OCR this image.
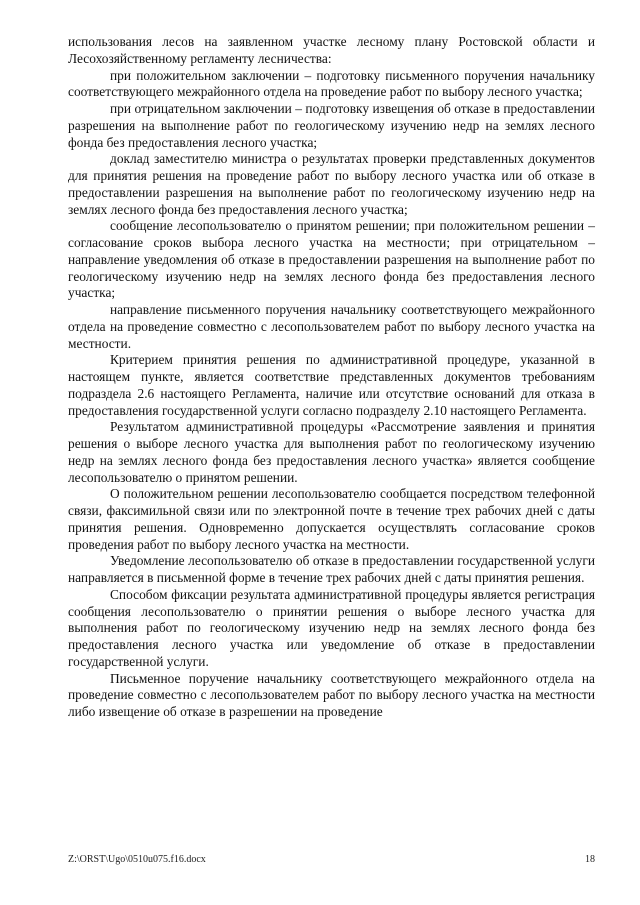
использования лесов на заявленном участке лесному плану Ростовской области и Лесохозяйственному регламенту лесничества:

при положительном заключении – подготовку письменного поручения начальнику соответствующего межрайонного отдела на проведение работ по выбору лесного участка;

при отрицательном заключении – подготовку извещения об отказе в предоставлении разрешения на выполнение работ по геологическому изучению недр на землях лесного фонда без предоставления лесного участка;

доклад заместителю министра о результатах проверки представленных документов для принятия решения на проведение работ по выбору лесного участка или об отказе в предоставлении разрешения на выполнение работ по геологическому изучению недр на землях лесного фонда без предоставления лесного участка;

сообщение лесопользователю о принятом решении; при положительном решении – согласование сроков выбора лесного участка на местности; при отрицательном – направление уведомления об отказе в предоставлении разрешения на выполнение работ по геологическому изучению недр на землях лесного фонда без предоставления лесного участка;

направление письменного поручения начальнику соответствующего межрайонного отдела на проведение совместно с лесопользователем работ по выбору лесного участка на местности.

Критерием принятия решения по административной процедуре, указанной в настоящем пункте, является соответствие представленных документов требованиям подраздела 2.6 настоящего Регламента, наличие или отсутствие оснований для отказа в предоставления государственной услуги согласно подразделу 2.10 настоящего Регламента.

Результатом административной процедуры «Рассмотрение заявления и принятия решения о выборе лесного участка для выполнения работ по геологическому изучению недр на землях лесного фонда без предоставления лесного участка» является сообщение лесопользователю о принятом решении.

О положительном решении лесопользователю сообщается посредством телефонной связи, факсимильной связи или по электронной почте в течение трех рабочих дней с даты принятия решения. Одновременно допускается осуществлять согласование сроков проведения работ по выбору лесного участка на местности.

Уведомление лесопользователю об отказе в предоставлении государственной услуги направляется в письменной форме в течение трех рабочих дней с даты принятия решения.

Способом фиксации результата административной процедуры является регистрация сообщения лесопользователю о принятии решения о выборе лесного участка для выполнения работ по геологическому изучению недр на землях лесного фонда без предоставления лесного участка или уведомление об отказе в предоставлении государственной услуги.

Письменное поручение начальнику соответствующего межрайонного отдела на проведение совместно с лесопользователем работ по выбору лесного участка на местности либо извещение об отказе в разрешении на проведение

Z:\ORST\Ugo\0510u075.f16.docx	18
